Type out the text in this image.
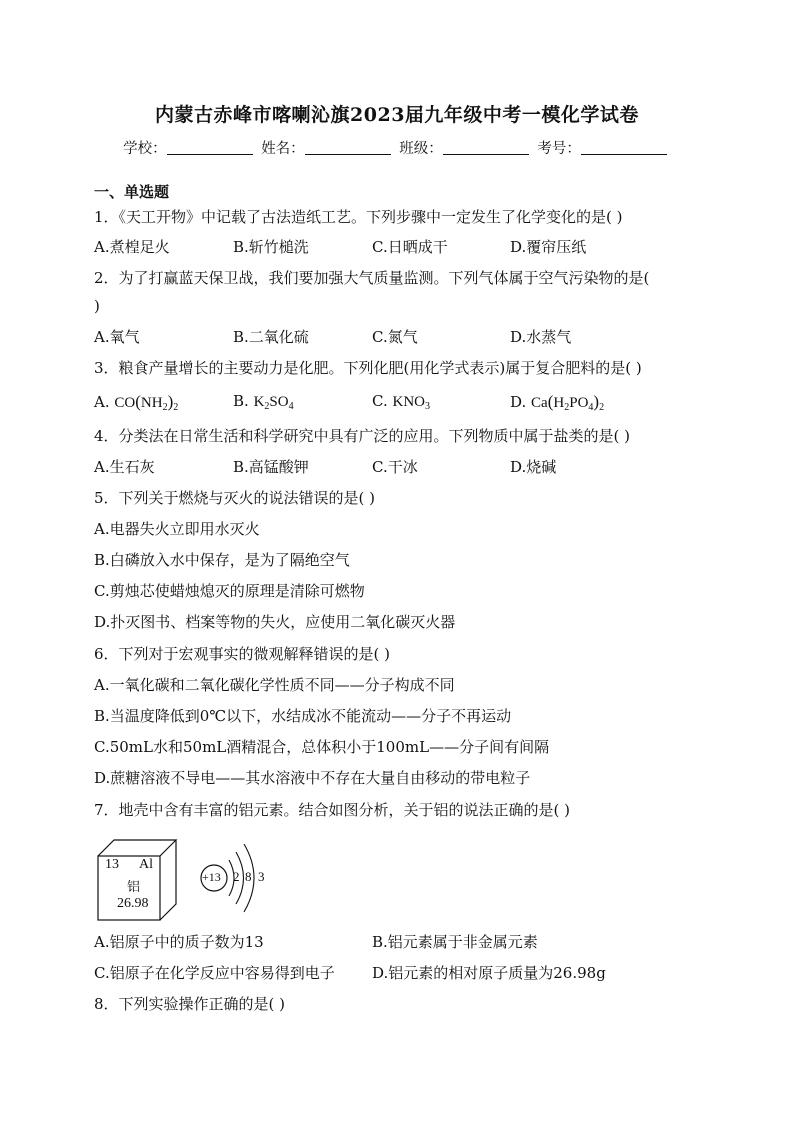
内蒙古赤峰市喀喇沁旗2023届九年级中考一模化学试卷
学校：	姓名：	班级：	考号：
一、单选题
1．《天工开物》中记载了古法造纸工艺。下列步骤中一定发生了化学变化的是( )
A.煮楻足火	B.斩竹槌洗	C.日晒成干	D.覆帘压纸
2．为了打赢蓝天保卫战，我们要加强大气质量监测。下列气体属于空气污染物的是(
)
A.氧气	B.二氧化硫	C.氮气	D.水蒸气
3．粮食产量增长的主要动力是化肥。下列化肥(用化学式表示)属于复合肥料的是( )
A. $CO(NH_2)_2$	B. $K_2SO_4$	C. $KNO_3$	D. $Ca(H_2PO_4)_2$
4．分类法在日常生活和科学研究中具有广泛的应用。下列物质中属于盐类的是( )
A.生石灰	B.高锰酸钾	C.干冰	D.烧碱
5．下列关于燃烧与灭火的说法错误的是( )
A.电器失火立即用水灭火
B.白磷放入水中保存，是为了隔绝空气
C.剪烛芯使蜡烛熄灭的原理是清除可燃物
D.扑灭图书、档案等物的失火，应使用二氧化碳灭火器
6．下列对于宏观事实的微观解释错误的是( )
A.一氧化碳和二氧化碳化学性质不同——分子构成不同
B.当温度降低到0℃以下，水结成冰不能流动——分子不再运动
C.50mL水和50mL酒精混合，总体积小于100mL——分子间有间隔
D.蔗糖溶液不导电——其水溶液中不存在大量自由移动的带电粒子
7．地壳中含有丰富的铝元素。结合如图分析，关于铝的说法正确的是( )
13 Al
铝
26.98
+13 2 8 3
A.铝原子中的质子数为13	B.铝元素属于非金属元素
C.铝原子在化学反应中容易得到电子 D.铝元素的相对原子质量为26.98g
8．下列实验操作正确的是( )
